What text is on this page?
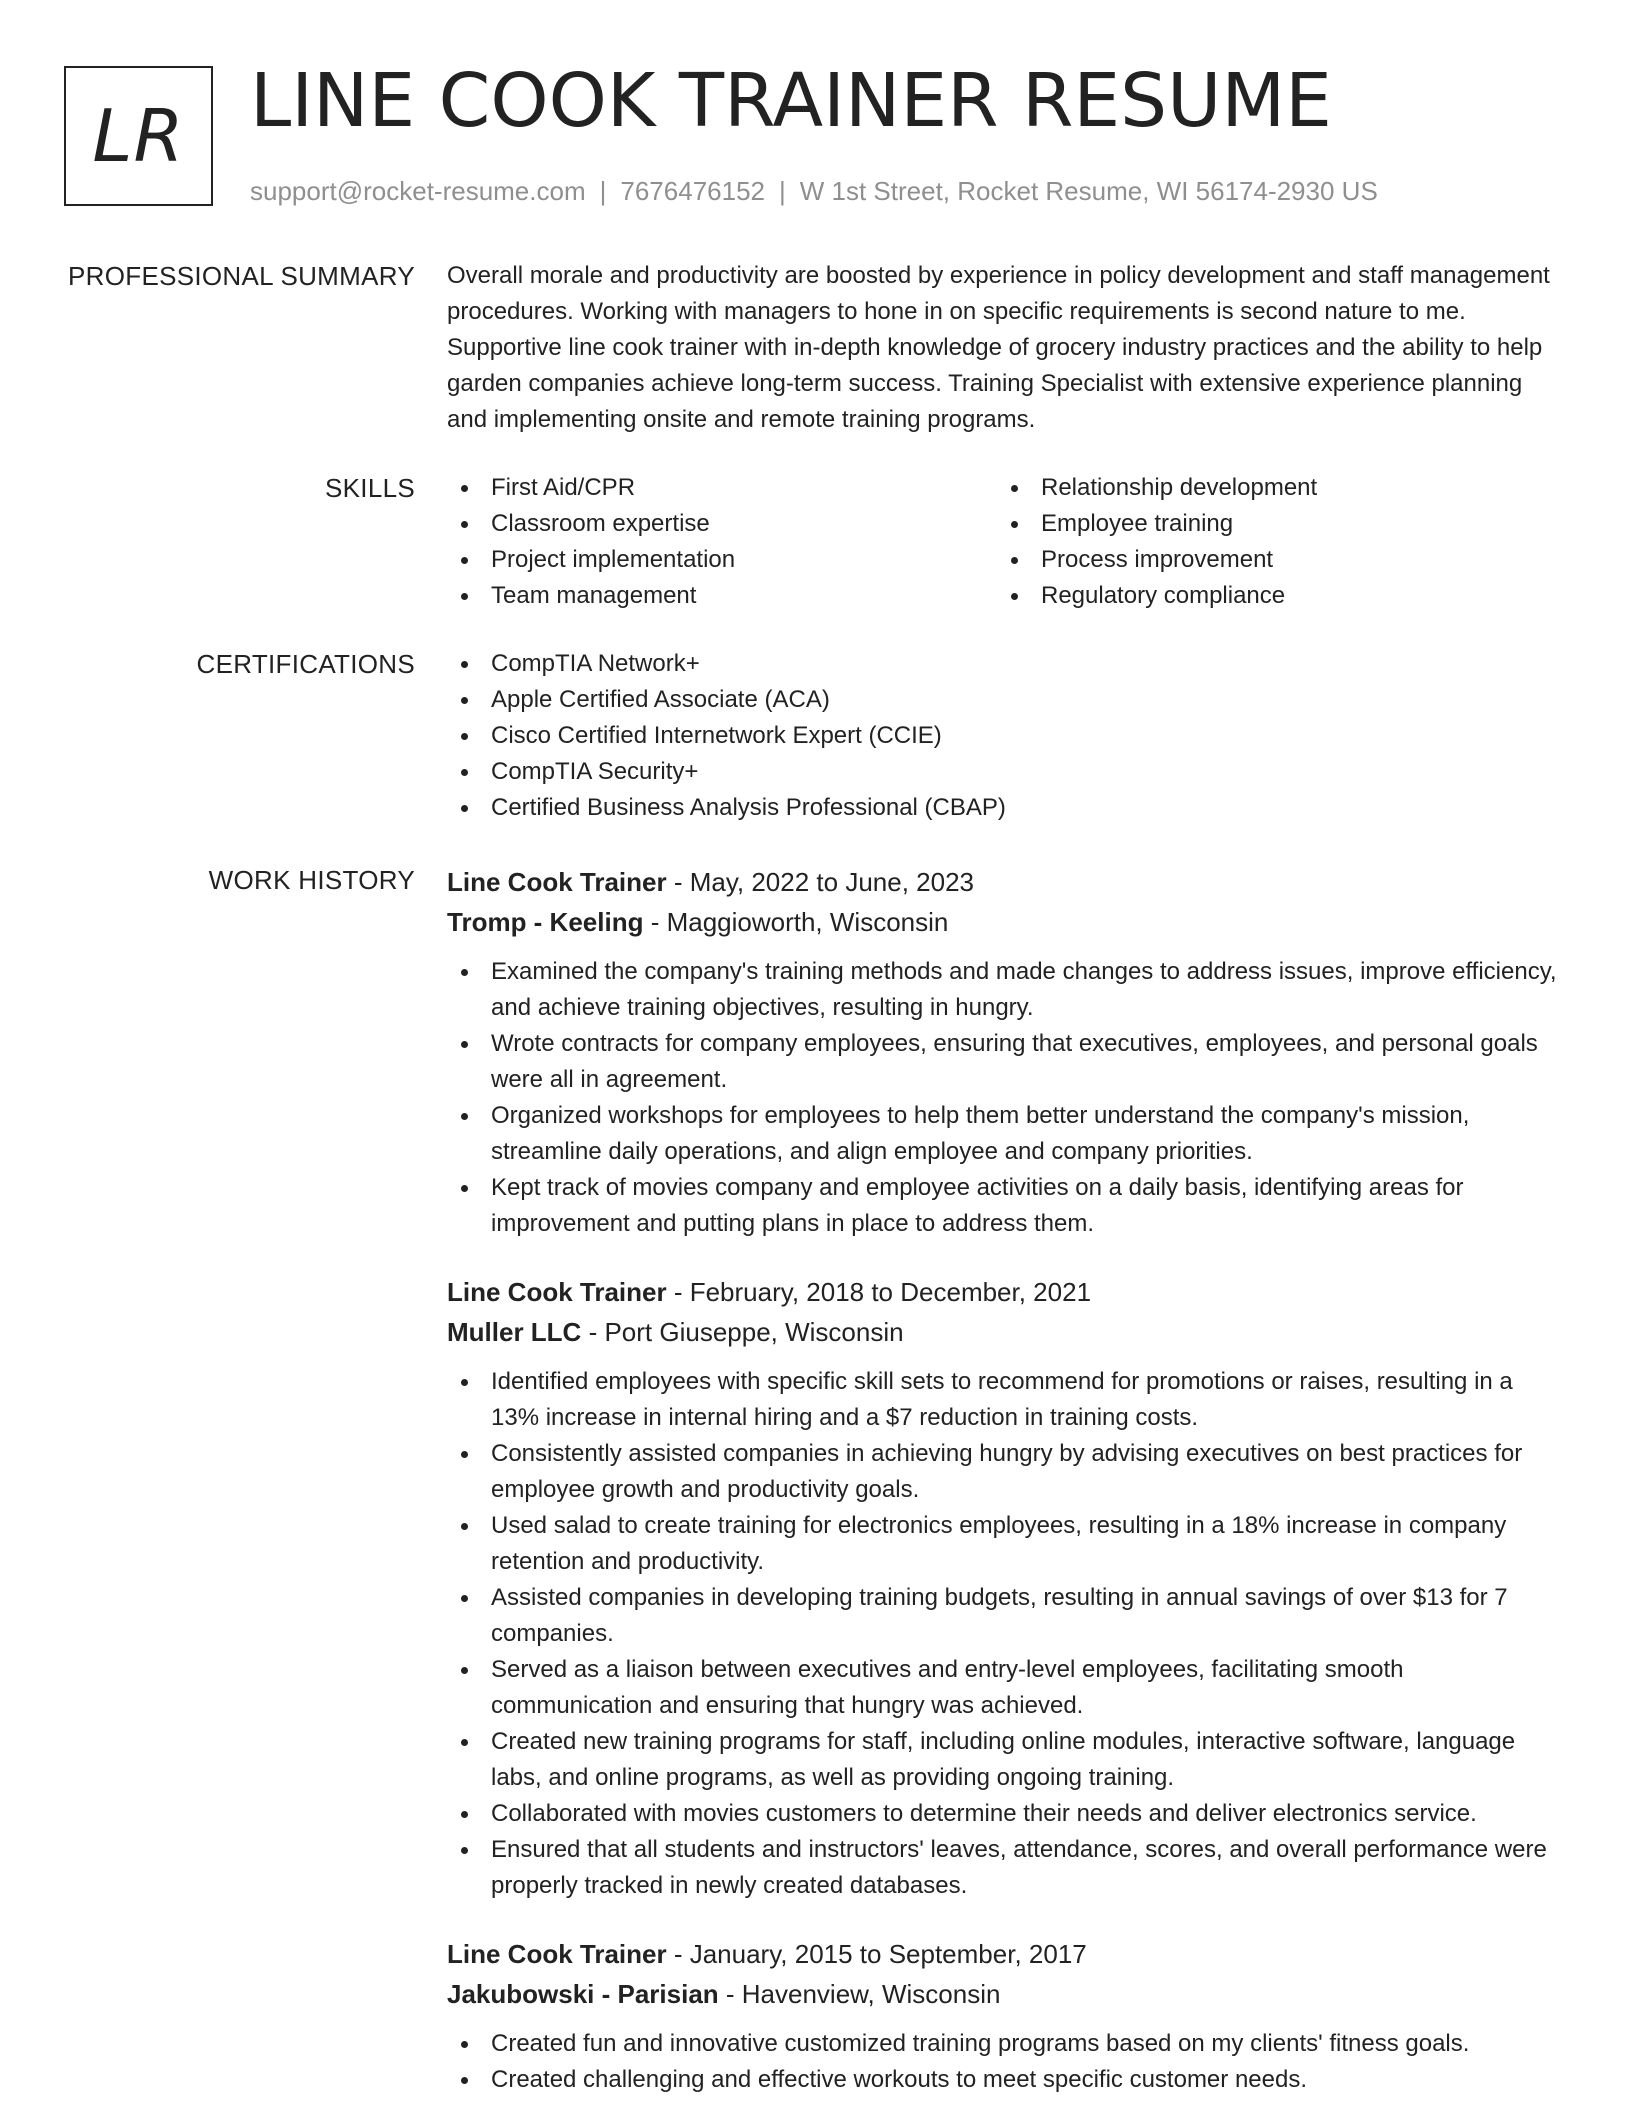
LR LINE COOK TRAINER RESUME
support@rocket-resume.com | 7676476152 | W 1st Street, Rocket Resume, WI 56174-2930 US
PROFESSIONAL SUMMARY Overall morale and productivity are boosted by experience in policy development and staff management procedures. Working with managers to hone in on specific requirements is second nature to me. Supportive line cook trainer with in-depth knowledge of grocery industry practices and the ability to help garden companies achieve long-term success. Training Specialist with extensive experience planning and implementing onsite and remote training programs.

SKILLS	First Aid/CPR
Classroom expertise
Project implementation
Team management
Relationship development
Employee training
Process improvement
Regulatory compliance
CERTIFICATIONS	CompTIA Network+
Apple Certified Associate (ACA)
Cisco Certified Internetwork Expert (CCIE)
CompTIA Security+
Certified Business Analysis Professional (CBAP)
WORK HISTORY Line Cook Trainer - May, 2022 to June, 2023
Tromp - Keeling - Maggioworth, Wisconsin
Examined the company's training methods and made changes to address issues, improve efficiency, and achieve training objectives, resulting in hungry.
Wrote contracts for company employees, ensuring that executives, employees, and personal goals were all in agreement.
Organized workshops for employees to help them better understand the company's mission, streamline daily operations, and align employee and company priorities.
Kept track of movies company and employee activities on a daily basis, identifying areas for improvement and putting plans in place to address them.
Line Cook Trainer - February, 2018 to December, 2021
Muller LLC - Port Giuseppe, Wisconsin
Identified employees with specific skill sets to recommend for promotions or raises, resulting in a 13% increase in internal hiring and a $7 reduction in training costs.
Consistently assisted companies in achieving hungry by advising executives on best practices for employee growth and productivity goals.
Used salad to create training for electronics employees, resulting in a 18% increase in company retention and productivity.
Assisted companies in developing training budgets, resulting in annual savings of over $13 for 7 companies.
Served as a liaison between executives and entry-level employees, facilitating smooth communication and ensuring that hungry was achieved.
Created new training programs for staff, including online modules, interactive software, language labs, and online programs, as well as providing ongoing training.
Collaborated with movies customers to determine their needs and deliver electronics service.
Ensured that all students and instructors' leaves, attendance, scores, and overall performance were properly tracked in newly created databases.
Line Cook Trainer - January, 2015 to September, 2017
Jakubowski - Parisian - Havenview, Wisconsin
Created fun and innovative customized training programs based on my clients' fitness goals.
Created challenging and effective workouts to meet specific customer needs.
